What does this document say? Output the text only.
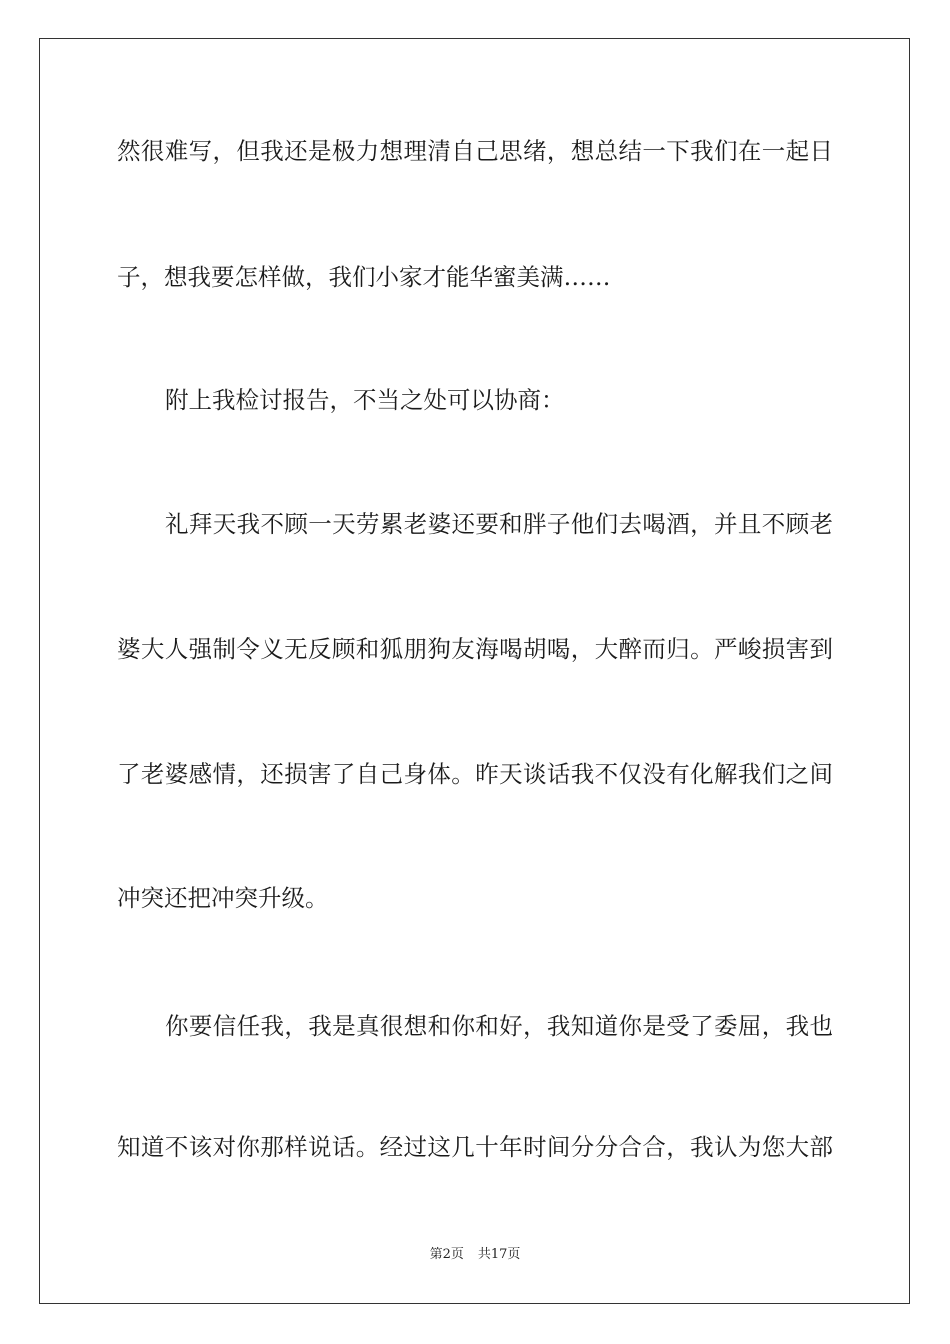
然很难写，但我还是极力想理清自己思绪，想总结一下我们在一起日
子，想我要怎样做，我们小家才能华蜜美满……
附上我检讨报告，不当之处可以协商：
礼拜天我不顾一天劳累老婆还要和胖子他们去喝酒，并且不顾老
婆大人强制令义无反顾和狐朋狗友海喝胡喝，大醉而归。严峻损害到
了老婆感情，还损害了自己身体。昨天谈话我不仅没有化解我们之间
冲突还把冲突升级。
你要信任我，我是真很想和你和好，我知道你是受了委屈，我也
知道不该对你那样说话。经过这几十年时间分分合合，我认为您大部
第2页 共17页
